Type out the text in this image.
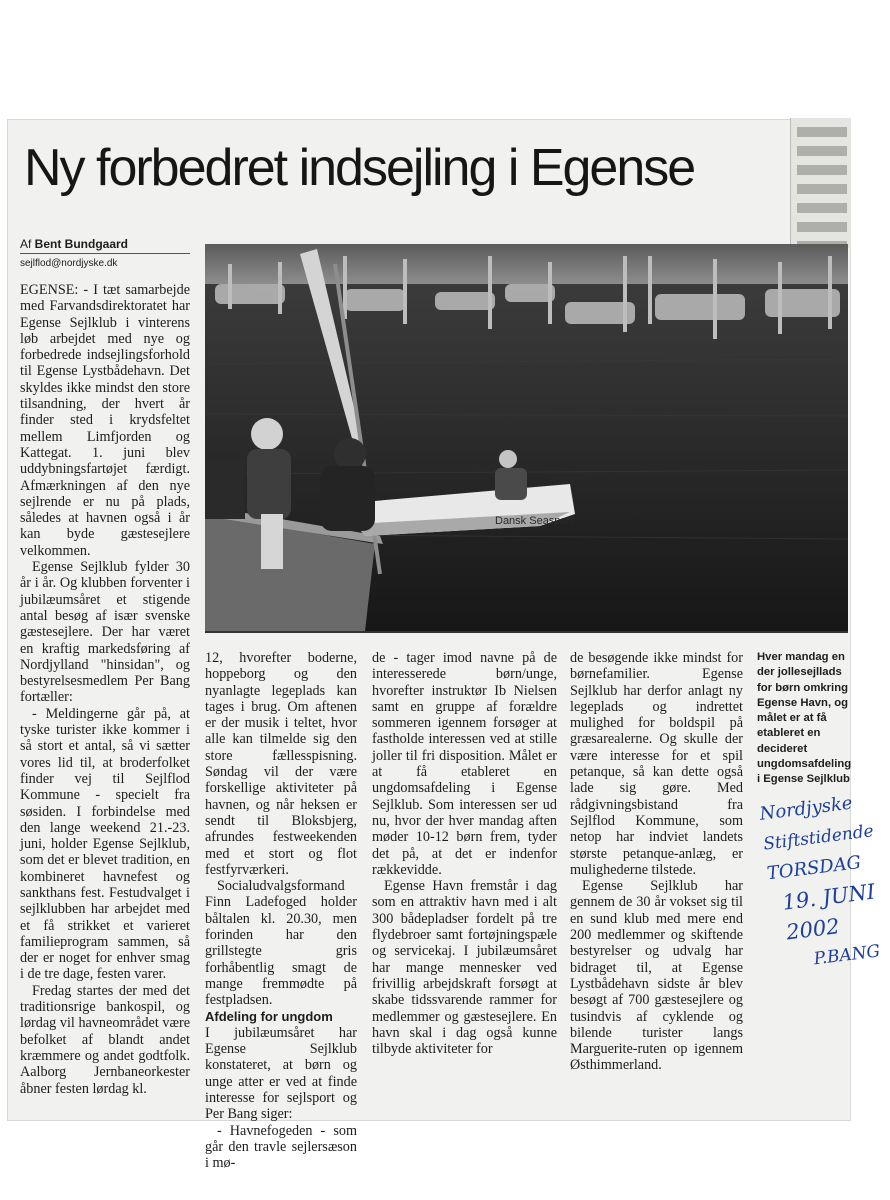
Ny forbedret indsejling i Egense
Af Bent Bundgaard
sejlflod@nordjyske.dk
Dansk Seasport

EGENSE: - I tæt samarbejde med Farvandsdirektoratet har Egense Sejlklub i vinterens løb arbejdet med nye og forbedrede indsejlingsforhold til Egense Lystbådehavn. Det skyldes ikke mindst den store tilsandning, der hvert år finder sted i krydsfeltet mellem Limfjorden og Kattegat. 1. juni blev uddybningsfartøjet færdigt. Afmærkningen af den nye sejlrende er nu på plads, således at havnen også i år kan byde gæstesejlere velkommen.

Egense Sejlklub fylder 30 år i år. Og klubben forventer i jubilæumsåret et stigende antal besøg af især svenske gæstesejlere. Der har været en kraftig markedsføring af Nordjylland "hinsidan", og bestyrelsesmedlem Per Bang fortæller:

- Meldingerne går på, at tyske turister ikke kommer i så stort et antal, så vi sætter vores lid til, at broderfolket finder vej til Sejlflod Kommune - specielt fra søsiden. I forbindelse med den lange weekend 21.-23. juni, holder Egense Sejlklub, som det er blevet tradition, en kombineret havnefest og sankthans fest. Festudvalget i sejlklubben har arbejdet med et få strikket et varieret familieprogram sammen, så der er noget for enhver smag i de tre dage, festen varer.

Fredag startes der med det traditionsrige bankospil, og lørdag vil havneområdet være befolket af blandt andet kræmmere og andet godtfolk. Aalborg Jernbaneorkester åbner festen lørdag kl.

12, hvorefter boderne, hoppeborg og den nyanlagte legeplads kan tages i brug. Om aftenen er der musik i teltet, hvor alle kan tilmelde sig den store fællesspisning. Søndag vil der være forskellige aktiviteter på havnen, og når heksen er sendt til Bloksbjerg, afrundes festweekenden med et stort og flot festfyrværkeri.

Socialudvalgsformand Finn Ladefoged holder båltalen kl. 20.30, men forinden har den grillstegte gris forhåbentlig smagt de mange fremmødte på festpladsen.

Afdeling for ungdom

I jubilæumsåret har Egense Sejlklub konstateret, at børn og unge atter er ved at finde interesse for sejlsport og Per Bang siger:

- Havnefogeden - som går den travle sejlersæson i mø-

de - tager imod navne på de interesserede børn/unge, hvorefter instruktør Ib Nielsen samt en gruppe af forældre sommeren igennem forsøger at fastholde interessen ved at stille joller til fri disposition. Målet er at få etableret en ungdomsafdeling i Egense Sejlklub. Som interessen ser ud nu, hvor der hver mandag aften møder 10-12 børn frem, tyder det på, at det er indenfor rækkevidde.

Egense Havn fremstår i dag som en attraktiv havn med i alt 300 bådepladser fordelt på tre flydebroer samt fortøjningspæle og servicekaj. I jubilæumsåret har mange mennesker ved frivillig arbejdskraft forsøgt at skabe tidssvarende rammer for medlemmer og gæstesejlere. En havn skal i dag også kunne tilbyde aktiviteter for

de besøgende ikke mindst for børnefamilier. Egense Sejlklub har derfor anlagt ny legeplads og indrettet mulighed for boldspil på græsarealerne. Og skulle der være interesse for et spil petanque, så kan dette også lade sig gøre. Med rådgivningsbistand fra Sejlflod Kommune, som netop har indviet landets største petanque-anlæg, er mulighederne tilstede.

Egense Sejlklub har gennem de 30 år vokset sig til en sund klub med mere end 200 medlemmer og skiftende bestyrelser og udvalg har bidraget til, at Egense Lystbådehavn sidste år blev besøgt af 700 gæstesejlere og tusindvis af cyklende og bilende turister langs Marguerite-ruten op igennem Østhimmerland.

Hver mandag en
der jollesejllads
for børn omkring
Egense Havn, og
målet er at få
etableret en
decideret
ungdomsafdeling
i Egense Sejlklub
Nordjyske
Stiftstidende
TORSDAG
19. JUNI
2002
P.BANG
